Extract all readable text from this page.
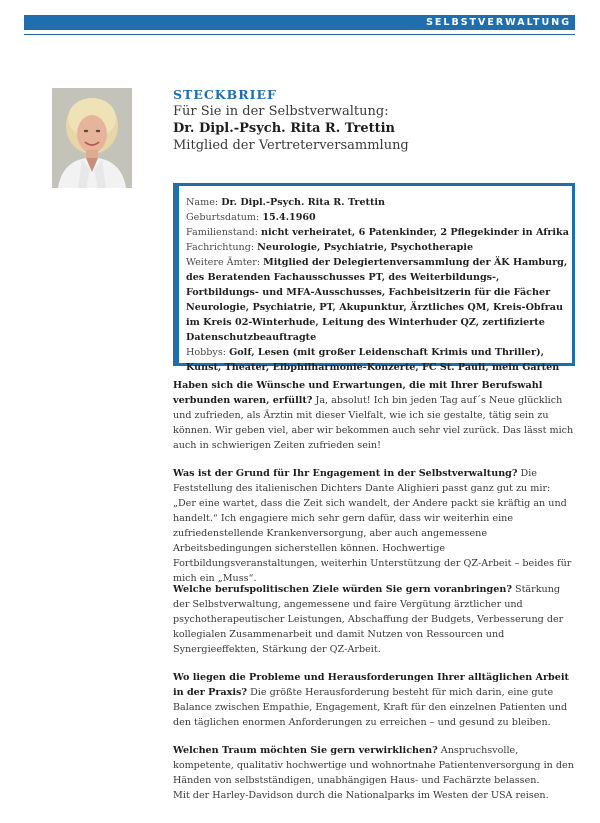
SELBSTVERWALTUNG

STECKBRIEF

Für Sie in der Selbstverwaltung:

Dr. Dipl.-Psych. Rita R. Trettin

Mitglied der Vertreterversammlung

Name: Dr. Dipl.-Psych. Rita R. Trettin

Geburtsdatum: 15.4.1960

Familienstand: nicht verheiratet, 6 Patenkinder, 2 Pflegekinder in Afrika

Fachrichtung: Neurologie, Psychiatrie, Psychotherapie

Weitere Ämter: Mitglied der Delegiertenversammlung der ÄK Hamburg, des Beratenden Fachausschusses PT, des Weiterbildungs-, Fortbildungs- und MFA-Ausschusses, Fachbeisitzerin für die Fächer Neurologie, Psychiatrie, PT, Akupunktur, Ärztliches QM, Kreis-Obfrau im Kreis 02-Winterhude, Leitung des Winterhuder QZ, zertifizierte Datenschutzbeauftragte

Hobbys: Golf, Lesen (mit großer Leidenschaft Krimis und Thriller), Kunst, Theater, Elbphilharmonie-Konzerte, FC St. Pauli, mein Garten

Haben sich die Wünsche und Erwartungen, die mit Ihrer Berufswahl verbunden waren, erfüllt? Ja, absolut! Ich bin jeden Tag auf´s Neue glücklich und zufrieden, als Ärztin mit dieser Vielfalt, wie ich sie gestalte, tätig sein zu können. Wir geben viel, aber wir bekommen auch sehr viel zurück. Das lässt mich auch in schwierigen Zeiten zufrieden sein!

Was ist der Grund für Ihr Engagement in der Selbstverwaltung? Die Feststellung des italienischen Dichters Dante Alighieri passt ganz gut zu mir: „Der eine wartet, dass die Zeit sich wandelt, der Andere packt sie kräftig an und handelt.“ Ich engagiere mich sehr gern dafür, dass wir weiterhin eine zufriedenstellende Krankenversorgung, aber auch angemessene Arbeitsbedingungen sicherstellen können. Hochwertige Fortbildungsveranstaltungen, weiterhin Unterstützung der QZ-Arbeit – beides für mich ein „Muss“.

Welche berufspolitischen Ziele würden Sie gern voranbringen? Stärkung der Selbstverwaltung, angemessene und faire Vergütung ärztlicher und psychotherapeutischer Leistungen, Abschaffung der Budgets, Verbesserung der kollegialen Zusammenarbeit und damit Nutzen von Ressourcen und Synergieeffekten, Stärkung der QZ-Arbeit.

Wo liegen die Probleme und Herausforderungen Ihrer alltäglichen Arbeit in der Praxis? Die größte Herausforderung besteht für mich darin, eine gute Balance zwischen Empathie, Engagement, Kraft für den einzelnen Patienten und den täglichen enormen Anforderungen zu erreichen – und gesund zu bleiben.

Welchen Traum möchten Sie gern verwirklichen? Anspruchsvolle, kompetente, qualitativ hochwertige und wohnortnahe Patientenversorgung in den Händen von selbstständigen, unabhängigen Haus- und Fachärzte belassen.

Mit der Harley-Davidson durch die Nationalparks im Westen der USA reisen.
